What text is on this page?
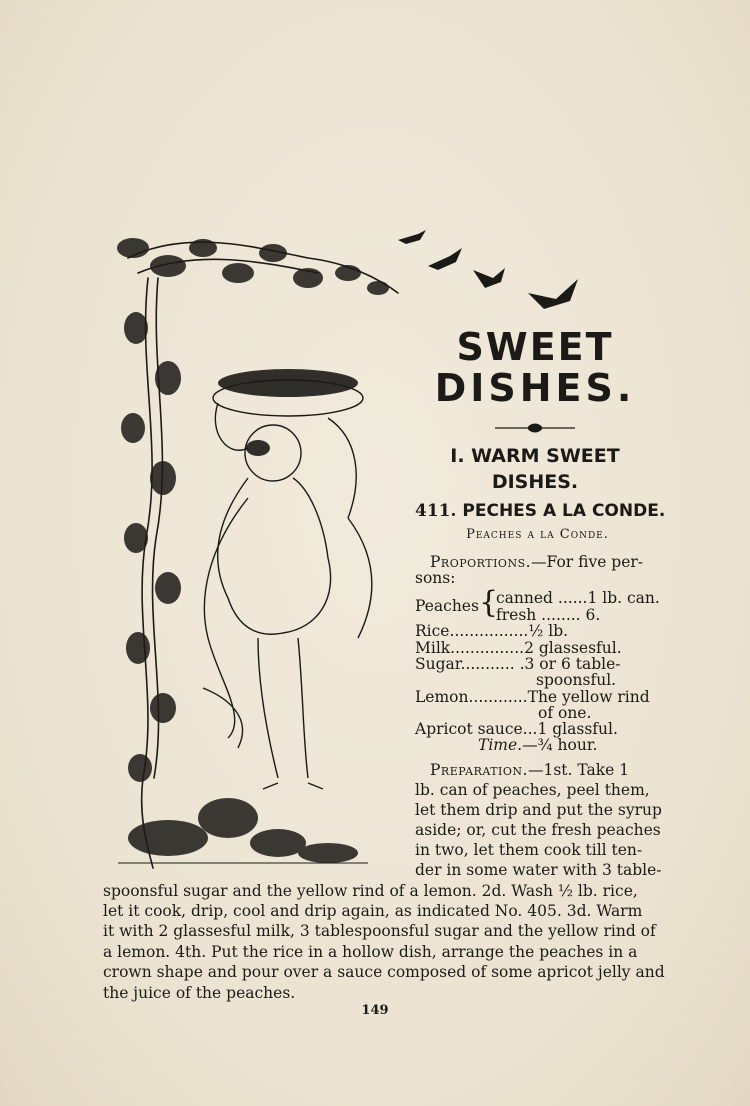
SWEET
DISHES.
I. WARM SWEET
DISHES.
411. PECHES A LA CONDE.
Peaches a la Conde.
Proportions.—For five per-
sons:
Peaches {
canned ......1 lb. can.
fresh ........ 6.
Rice................½ lb.
Milk...............2 glassesful.
Sugar........... .3 or 6 table-
spoonsful.
Lemon............The yellow rind
of one.
Apricot sauce...1 glassful.
Time.—¾ hour.
Preparation.—1st. Take 1
lb. can of peaches, peel them,
let them drip and put the syrup
aside; or, cut the fresh peaches
in two, let them cook till ten-
der in some water with 3 table-
spoonsful sugar and the yellow rind of a lemon. 2d. Wash ½ lb. rice,
let it cook, drip, cool and drip again, as indicated No. 405. 3d. Warm
it with 2 glassesful milk, 3 tablespoonsful sugar and the yellow rind of
a lemon. 4th. Put the rice in a hollow dish, arrange the peaches in a
crown shape and pour over a sauce composed of some apricot jelly and
the juice of the peaches.
149
